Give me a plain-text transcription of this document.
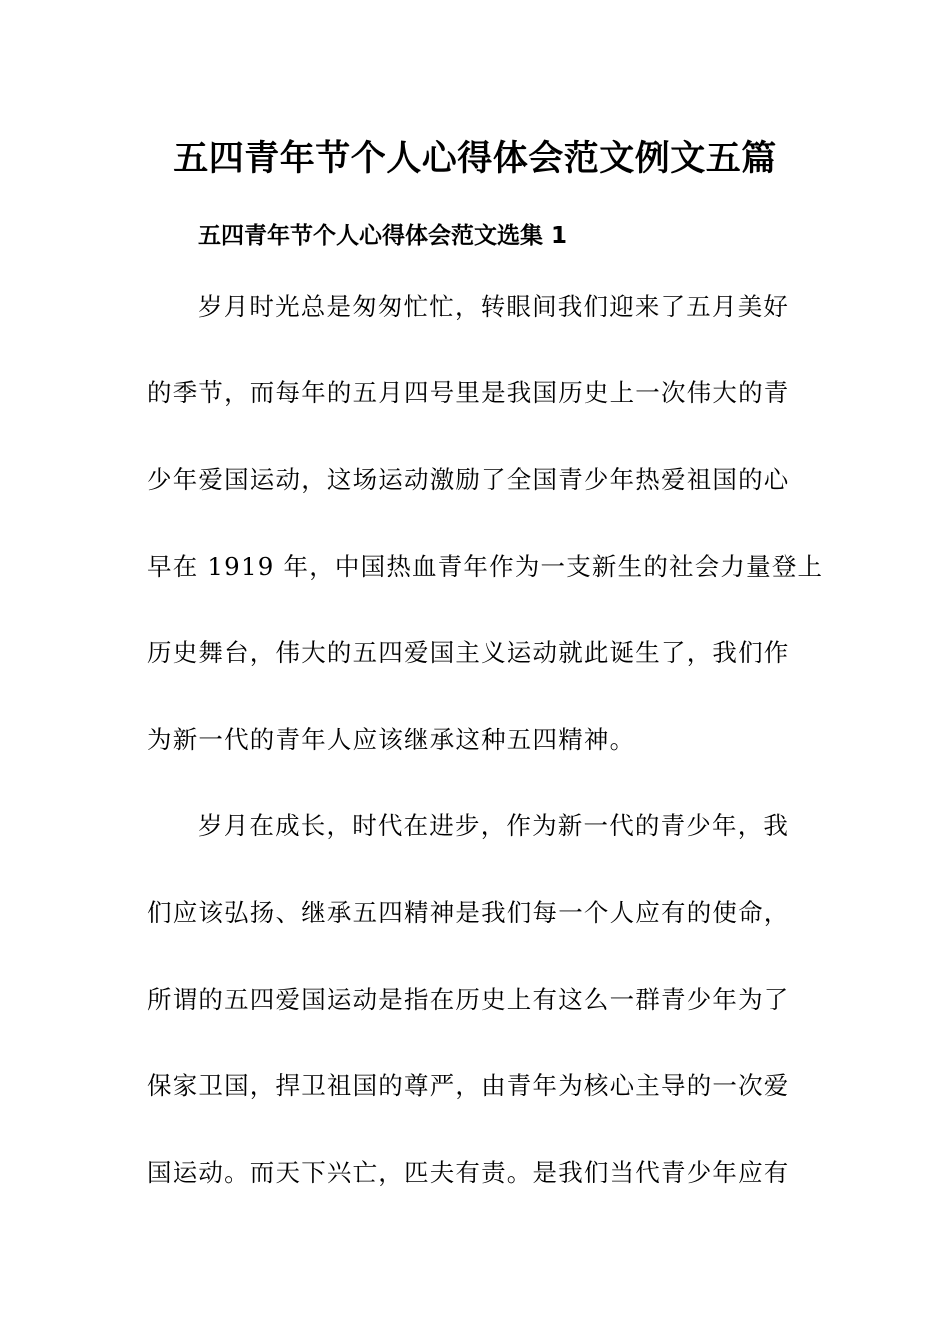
五四青年节个人心得体会范文例文五篇
五四青年节个人心得体会范文选集 1
岁月时光总是匆匆忙忙，转眼间我们迎来了五月美好
的季节，而每年的五月四号里是我国历史上一次伟大的青
少年爱国运动，这场运动激励了全国青少年热爱祖国的心
早在 1919 年，中国热血青年作为一支新生的社会力量登上
历史舞台，伟大的五四爱国主义运动就此诞生了，我们作
为新一代的青年人应该继承这种五四精神。
岁月在成长，时代在进步，作为新一代的青少年，我
们应该弘扬、继承五四精神是我们每一个人应有的使命，
所谓的五四爱国运动是指在历史上有这么一群青少年为了
保家卫国，捍卫祖国的尊严，由青年为核心主导的一次爱
国运动。而天下兴亡，匹夫有责。是我们当代青少年应有
